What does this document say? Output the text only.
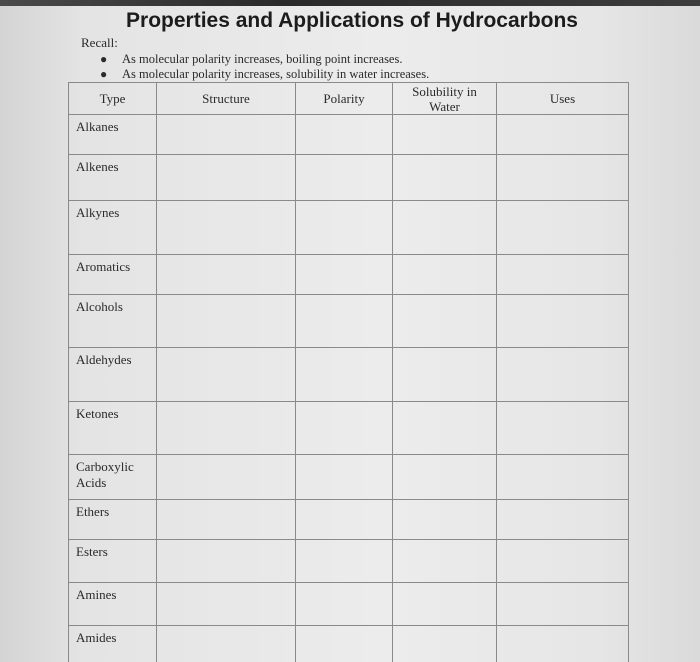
Properties and Applications of Hydrocarbons
Recall:
● As molecular polarity increases, boiling point increases.
● As molecular polarity increases, solubility in water increases.
Type	Structure	Polarity	Solubility in Water	Uses
Alkanes				
Alkenes				
Alkynes				
Aromatics				
Alcohols				
Aldehydes				
Ketones				

Carboxylic Acids				

Ethers				
Esters				
Amines				
Amides				
